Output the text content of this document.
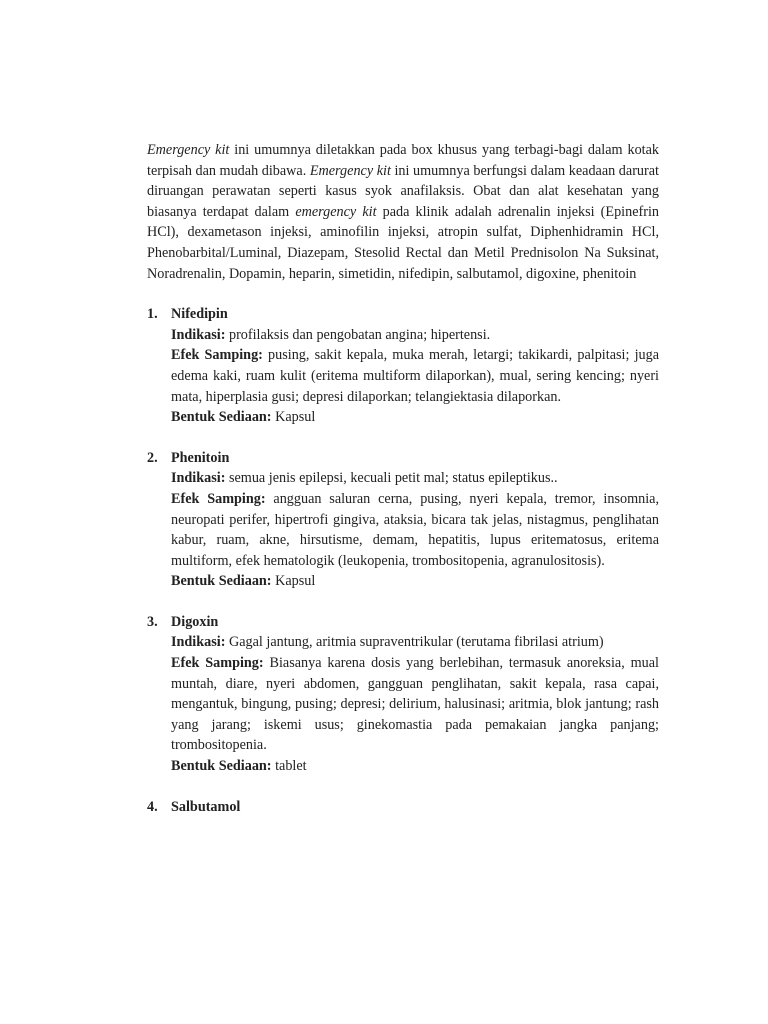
Emergency kit ini umumnya diletakkan pada box khusus yang terbagi-bagi dalam kotak terpisah dan mudah dibawa. Emergency kit ini umumnya berfungsi dalam keadaan darurat diruangan perawatan seperti kasus syok anafilaksis. Obat dan alat kesehatan yang biasanya terdapat dalam emergency kit pada klinik adalah adrenalin injeksi (Epinefrin HCl), dexametason injeksi, aminofilin injeksi, atropin sulfat, Diphenhidramin HCl, Phenobarbital/Luminal, Diazepam, Stesolid Rectal dan Metil Prednisolon Na Suksinat, Noradrenalin, Dopamin, heparin, simetidin, nifedipin, salbutamol, digoxine, phenitoin

1. Nifedipin
Indikasi: profilaksis dan pengobatan angina; hipertensi.
Efek Samping: pusing, sakit kepala, muka merah, letargi; takikardi, palpitasi; juga edema kaki, ruam kulit (eritema multiform dilaporkan), mual, sering kencing; nyeri mata, hiperplasia gusi; depresi dilaporkan; telangiektasia dilaporkan.
Bentuk Sediaan: Kapsul
2. Phenitoin
Indikasi: semua jenis epilepsi, kecuali petit mal; status epileptikus..
Efek Samping: angguan saluran cerna, pusing, nyeri kepala, tremor, insomnia, neuropati perifer, hipertrofi gingiva, ataksia, bicara tak jelas, nistagmus, penglihatan kabur, ruam, akne, hirsutisme, demam, hepatitis, lupus eritematosus, eritema multiform, efek hematologik (leukopenia, trombositopenia, agranulositosis).
Bentuk Sediaan: Kapsul
3. Digoxin
Indikasi: Gagal jantung, aritmia supraventrikular (terutama fibrilasi atrium)
Efek Samping: Biasanya karena dosis yang berlebihan, termasuk anoreksia, mual muntah, diare, nyeri abdomen, gangguan penglihatan, sakit kepala, rasa capai, mengantuk, bingung, pusing; depresi; delirium, halusinasi; aritmia, blok jantung; rash yang jarang; iskemi usus; ginekomastia pada pemakaian jangka panjang; trombositopenia.
Bentuk Sediaan: tablet
4. Salbutamol
